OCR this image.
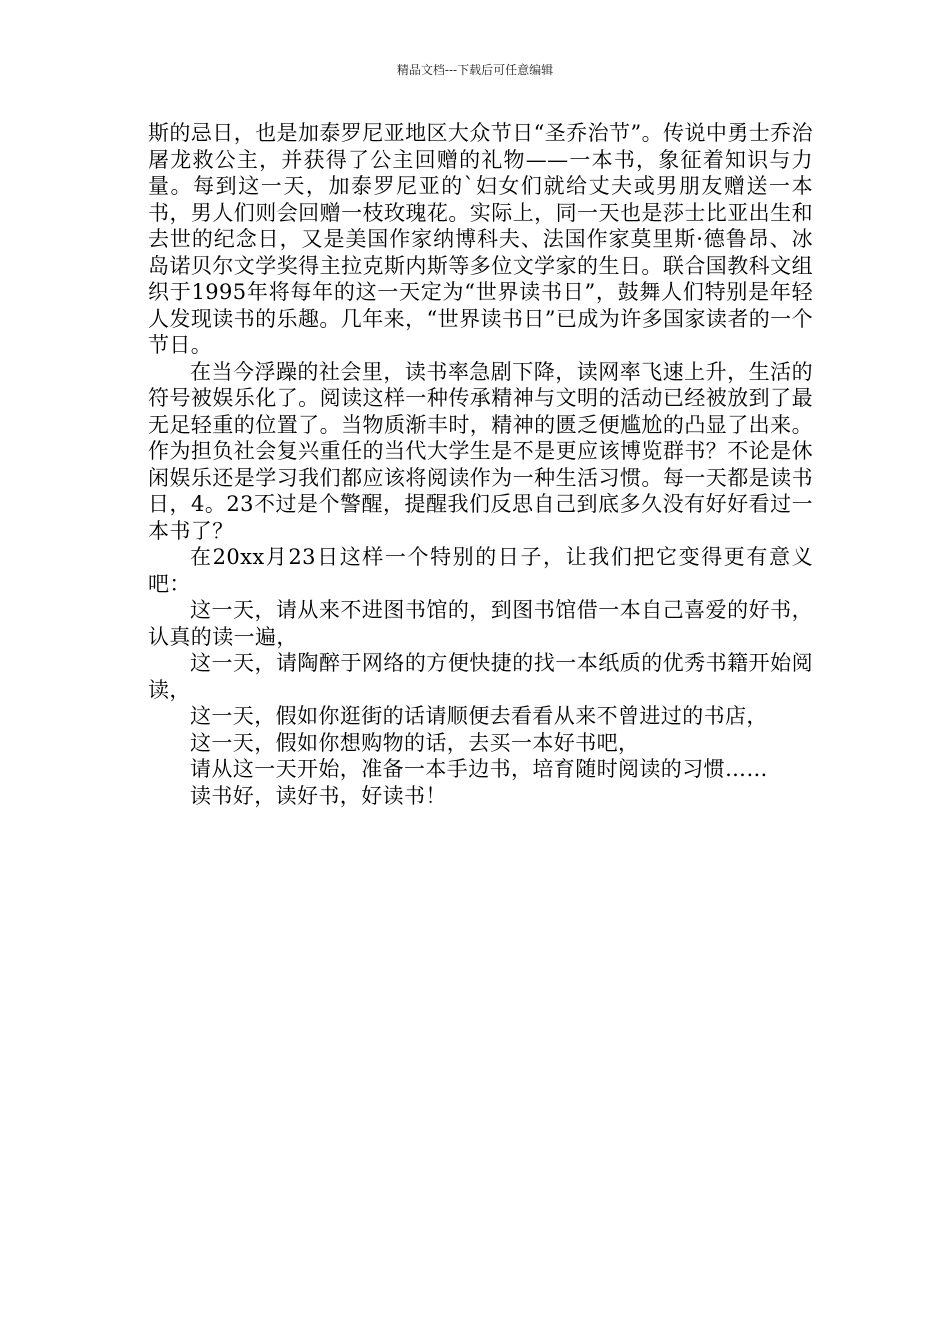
精品文档---下载后可任意编辑

斯的忌日，也是加泰罗尼亚地区大众节日“圣乔治节”。传说中勇士乔治屠龙救公主，并获得了公主回赠的礼物——一本书，象征着知识与力量。每到这一天，加泰罗尼亚的`妇女们就给丈夫或男朋友赠送一本书，男人们则会回赠一枝玫瑰花。实际上，同一天也是莎士比亚出生和去世的纪念日，又是美国作家纳博科夫、法国作家莫里斯·德鲁昂、冰岛诺贝尔文学奖得主拉克斯内斯等多位文学家的生日。联合国教科文组织于1995年将每年的这一天定为“世界读书日”，鼓舞人们特别是年轻人发现读书的乐趣。几年来，“世界读书日”已成为许多国家读者的一个节日。

在当今浮躁的社会里，读书率急剧下降，读网率飞速上升，生活的符号被娱乐化了。阅读这样一种传承精神与文明的活动已经被放到了最无足轻重的位置了。当物质渐丰时，精神的匮乏便尴尬的凸显了出来。作为担负社会复兴重任的当代大学生是不是更应该博览群书？不论是休闲娱乐还是学习我们都应该将阅读作为一种生活习惯。每一天都是读书日，4。23不过是个警醒，提醒我们反思自己到底多久没有好好看过一本书了？

在20xx月23日这样一个特别的日子，让我们把它变得更有意义吧：

这一天，请从来不进图书馆的，到图书馆借一本自己喜爱的好书，认真的读一遍，

这一天，请陶醉于网络的方便快捷的找一本纸质的优秀书籍开始阅读，

这一天，假如你逛街的话请顺便去看看从来不曾进过的书店，

这一天，假如你想购物的话，去买一本好书吧，

请从这一天开始，准备一本手边书，培育随时阅读的习惯……

读书好，读好书，好读书！
